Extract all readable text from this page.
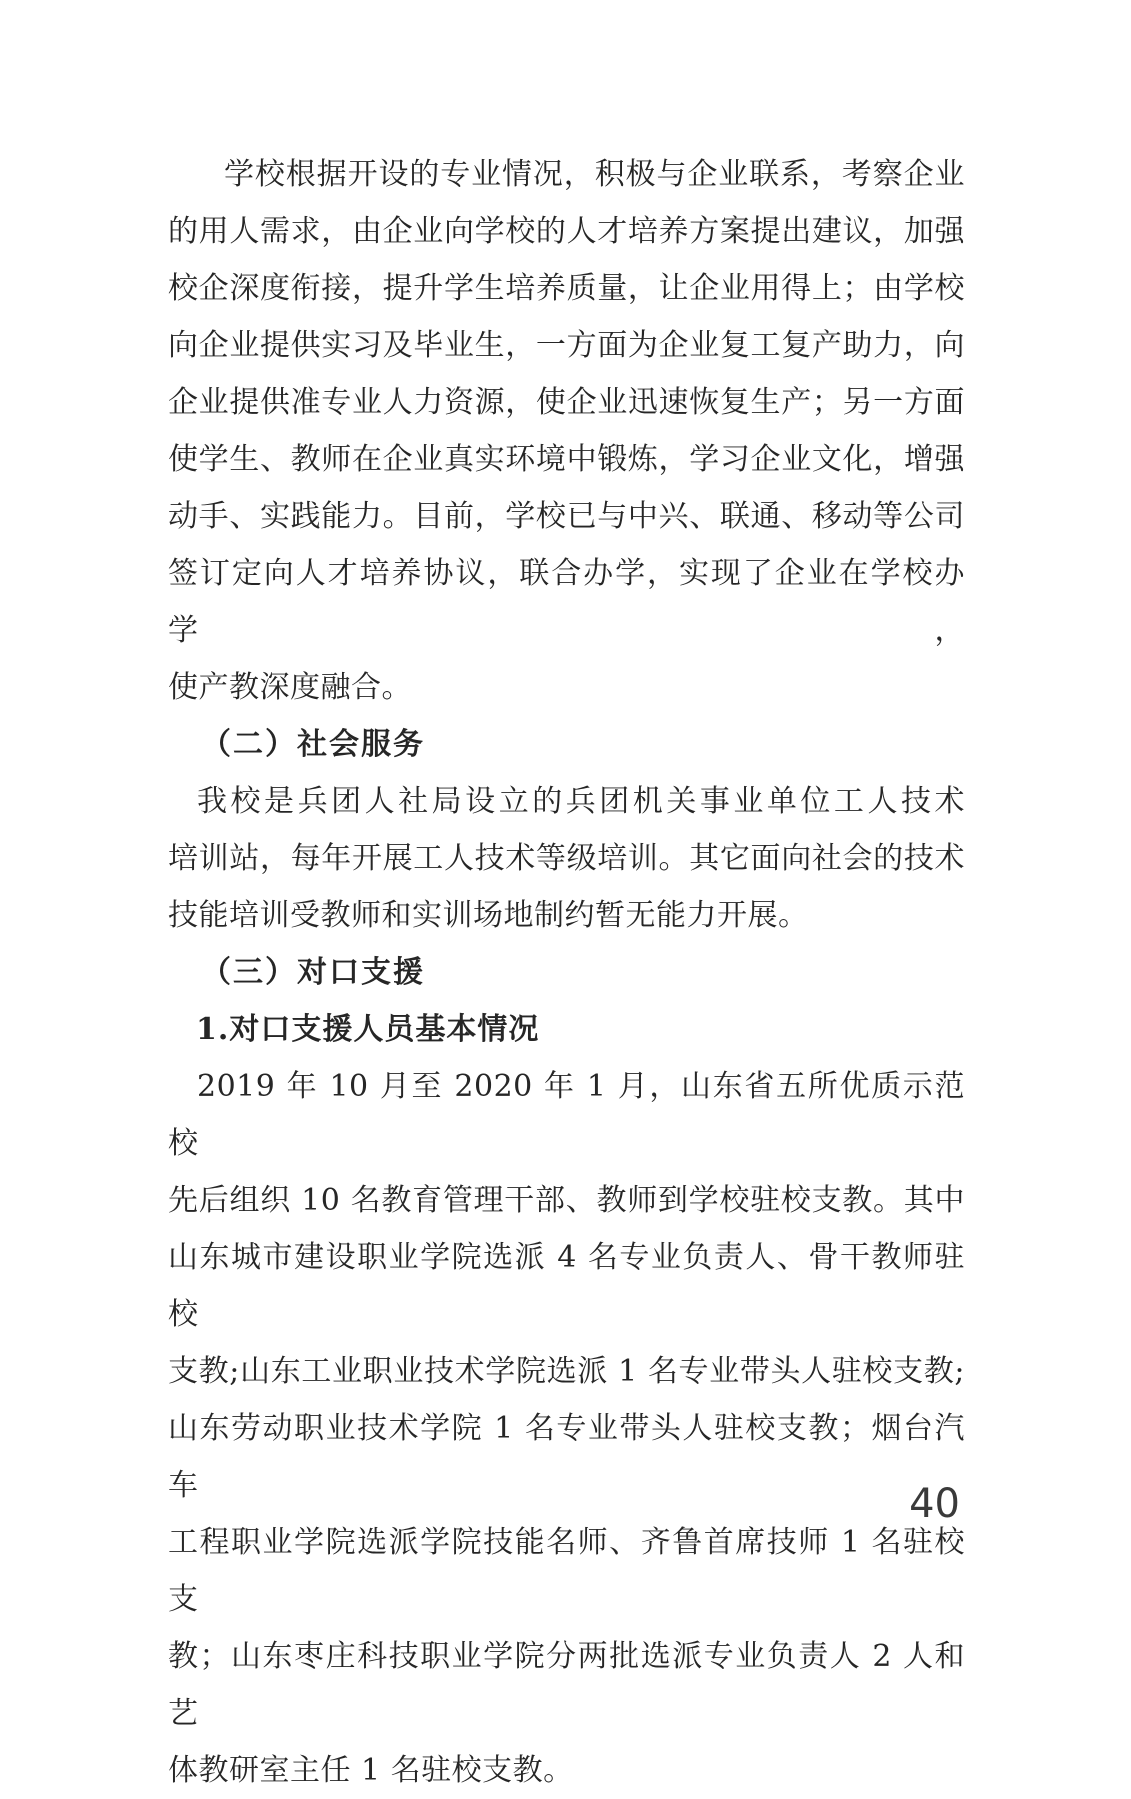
学校根据开设的专业情况，积极与企业联系，考察企业
的用人需求，由企业向学校的人才培养方案提出建议，加强
校企深度衔接，提升学生培养质量，让企业用得上；由学校
向企业提供实习及毕业生，一方面为企业复工复产助力，向
企业提供准专业人力资源，使企业迅速恢复生产；另一方面
使学生、教师在企业真实环境中锻炼，学习企业文化，增强
动手、实践能力。目前，学校已与中兴、联通、移动等公司
签订定向人才培养协议，联合办学，实现了企业在学校办学，
使产教深度融合。
（二）社会服务
我校是兵团人社局设立的兵团机关事业单位工人技术
培训站，每年开展工人技术等级培训。其它面向社会的技术
技能培训受教师和实训场地制约暂无能力开展。
（三）对口支援
1.对口支援人员基本情况
2019 年 10 月至 2020 年 1 月，山东省五所优质示范校
先后组织 10 名教育管理干部、教师到学校驻校支教。其中
山东城市建设职业学院选派 4 名专业负责人、骨干教师驻校
支教;山东工业职业技术学院选派 1 名专业带头人驻校支教;
山东劳动职业技术学院 1 名专业带头人驻校支教；烟台汽车
工程职业学院选派学院技能名师、齐鲁首席技师 1 名驻校支
教；山东枣庄科技职业学院分两批选派专业负责人 2 人和艺
体教研室主任 1 名驻校支教。
40
